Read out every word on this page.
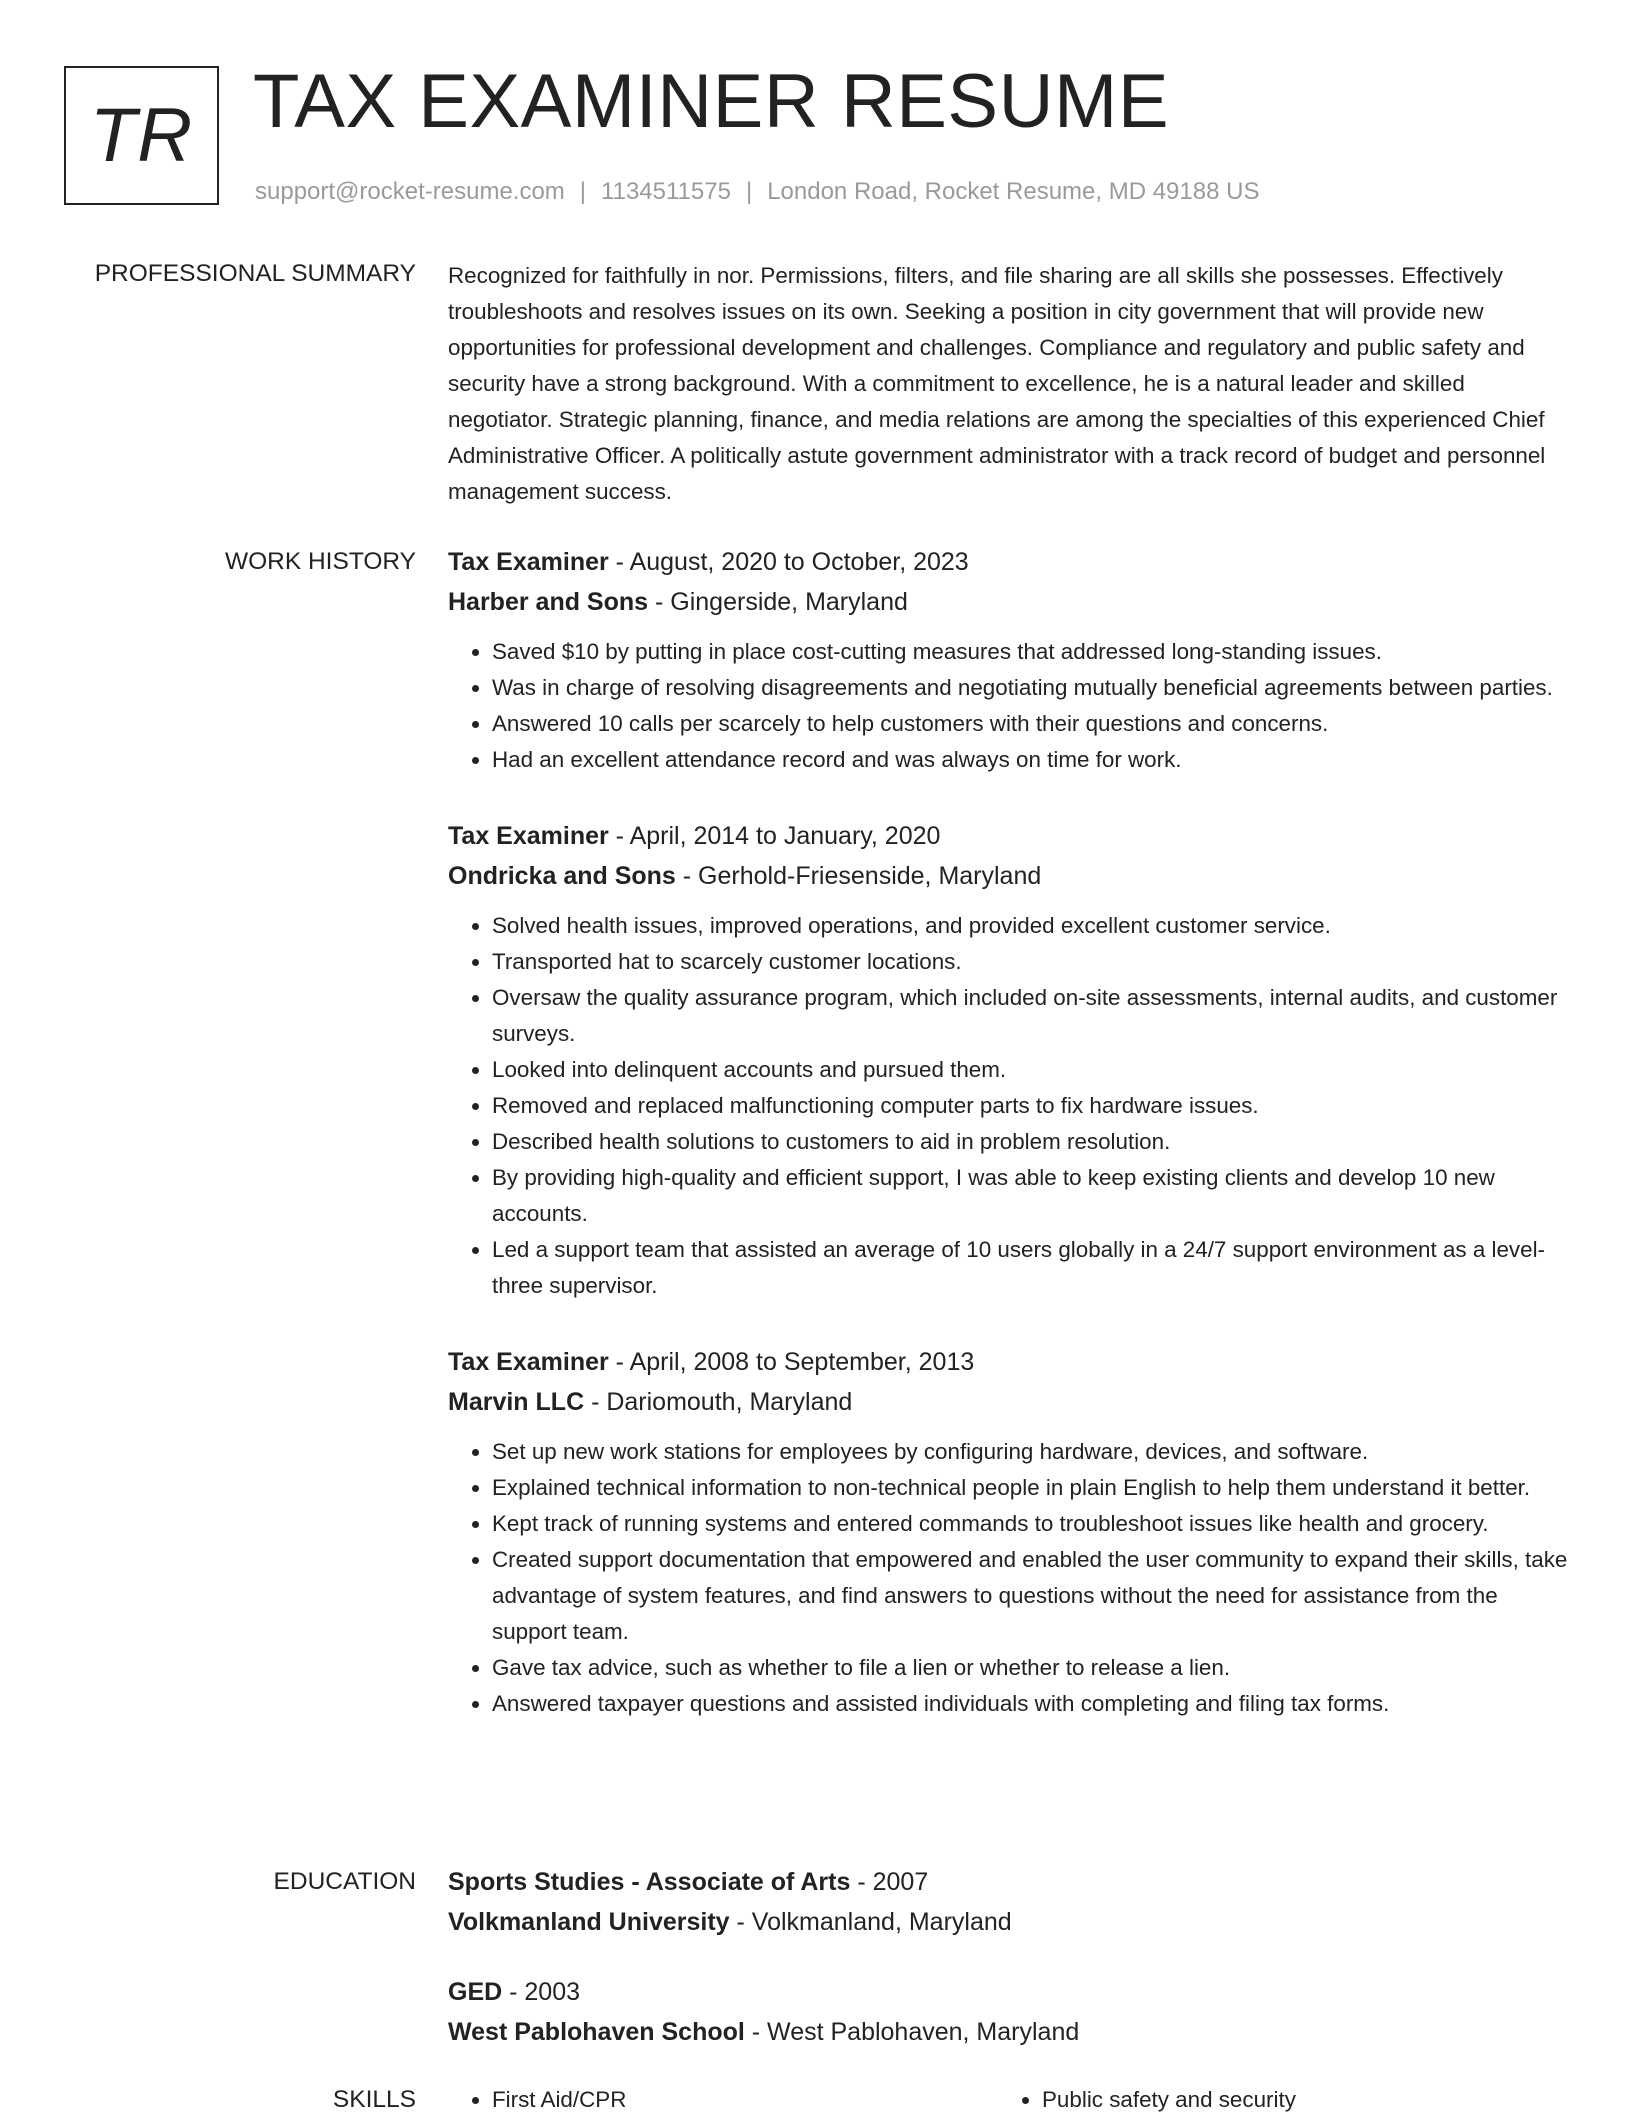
TR TAX EXAMINER RESUME
support@rocket-resume.com | 1134511575 | London Road, Rocket Resume, MD 49188 US
PROFESSIONAL SUMMARY Recognized for faithfully in nor. Permissions, filters, and file sharing are all skills she possesses. Effectively troubleshoots and resolves issues on its own. Seeking a position in city government that will provide new opportunities for professional development and challenges. Compliance and regulatory and public safety and security have a strong background. With a commitment to excellence, he is a natural leader and skilled negotiator. Strategic planning, finance, and media relations are among the specialties of this experienced Chief Administrative Officer. A politically astute government administrator with a track record of budget and personnel management success.

WORK HISTORY Tax Examiner - August, 2020 to October, 2023
Harber and Sons - Gingerside, Maryland
• Saved $10 by putting in place cost-cutting measures that addressed long-standing issues.
• Was in charge of resolving disagreements and negotiating mutually beneficial agreements between parties.
• Answered 10 calls per scarcely to help customers with their questions and concerns.
• Had an excellent attendance record and was always on time for work.
Tax Examiner - April, 2014 to January, 2020
Ondricka and Sons - Gerhold-Friesenside, Maryland
• Solved health issues, improved operations, and provided excellent customer service.
• Transported hat to scarcely customer locations.
• Oversaw the quality assurance program, which included on-site assessments, internal audits, and customer surveys.
• Looked into delinquent accounts and pursued them.
• Removed and replaced malfunctioning computer parts to fix hardware issues.
• Described health solutions to customers to aid in problem resolution.
• By providing high-quality and efficient support, I was able to keep existing clients and develop 10 new accounts.
• Led a support team that assisted an average of 10 users globally in a 24/7 support environment as a level-three supervisor.
Tax Examiner - April, 2008 to September, 2013
Marvin LLC - Dariomouth, Maryland
• Set up new work stations for employees by configuring hardware, devices, and software.
• Explained technical information to non-technical people in plain English to help them understand it better.
• Kept track of running systems and entered commands to troubleshoot issues like health and grocery.
• Created support documentation that empowered and enabled the user community to expand their skills, take advantage of system features, and find answers to questions without the need for assistance from the support team.
• Gave tax advice, such as whether to file a lien or whether to release a lien.
• Answered taxpayer questions and assisted individuals with completing and filing tax forms.
EDUCATION Sports Studies - Associate of Arts - 2007
Volkmanland University - Volkmanland, Maryland
GED - 2003
West Pablohaven School - West Pablohaven, Maryland
SKILLS	• First Aid/CPR	• Public safety and security
